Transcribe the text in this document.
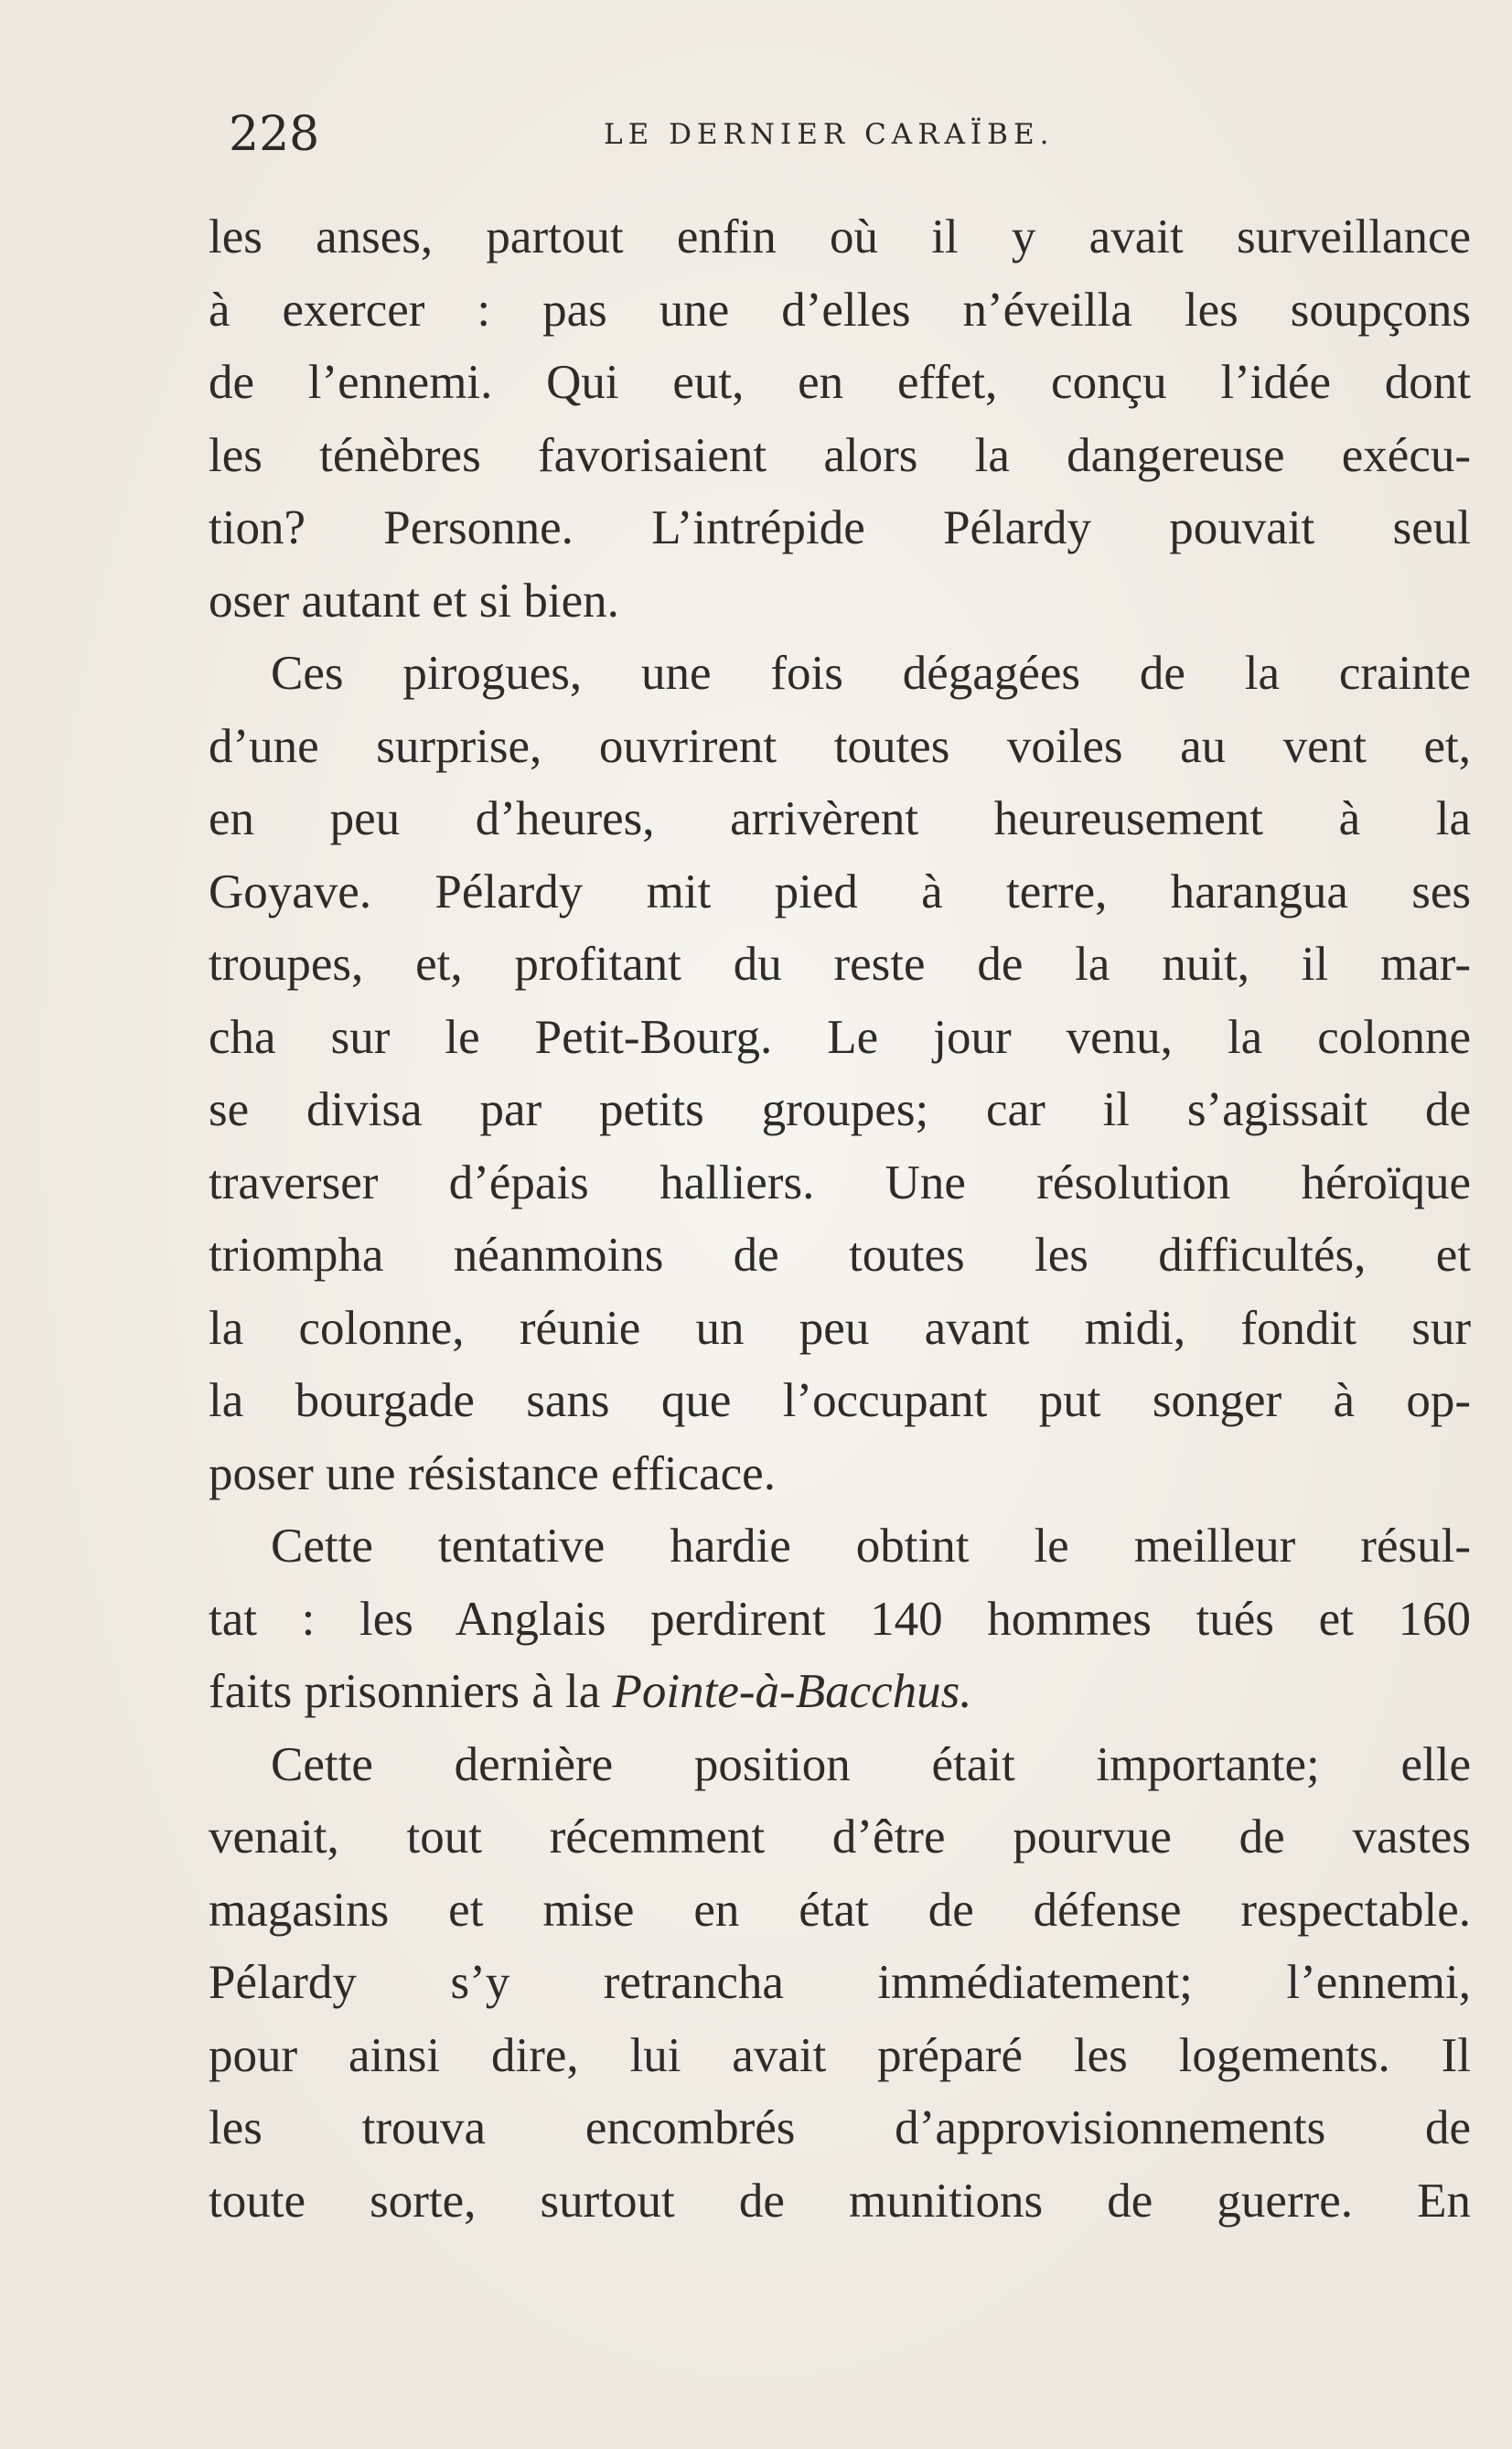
228	LE DERNIER CARAÏBE.
les anses, partout enfin où il y avait surveillance
à exercer : pas une d’elles n’éveilla les soupçons
de l’ennemi. Qui eut, en effet, conçu l’idée dont
les ténèbres favorisaient alors la dangereuse exécu-
tion? Personne. L’intrépide Pélardy pouvait seul
oser autant et si bien.
Ces pirogues, une fois dégagées de la crainte
d’une surprise, ouvrirent toutes voiles au vent et,
en peu d’heures, arrivèrent heureusement à la
Goyave. Pélardy mit pied à terre, harangua ses
troupes, et, profitant du reste de la nuit, il mar-
cha sur le Petit-Bourg. Le jour venu, la colonne
se divisa par petits groupes; car il s’agissait de
traverser d’épais halliers. Une résolution héroïque
triompha néanmoins de toutes les difficultés, et
la colonne, réunie un peu avant midi, fondit sur
la bourgade sans que l’occupant put songer à op-
poser une résistance efficace.
Cette tentative hardie obtint le meilleur résul-
tat : les Anglais perdirent 140 hommes tués et 160
faits prisonniers à la Pointe-à-Bacchus.
Cette dernière position était importante; elle
venait, tout récemment d’être pourvue de vastes
magasins et mise en état de défense respectable.
Pélardy s’y retrancha immédiatement; l’ennemi,
pour ainsi dire, lui avait préparé les logements. Il
les trouva encombrés d’approvisionnements de
toute sorte, surtout de munitions de guerre. En
